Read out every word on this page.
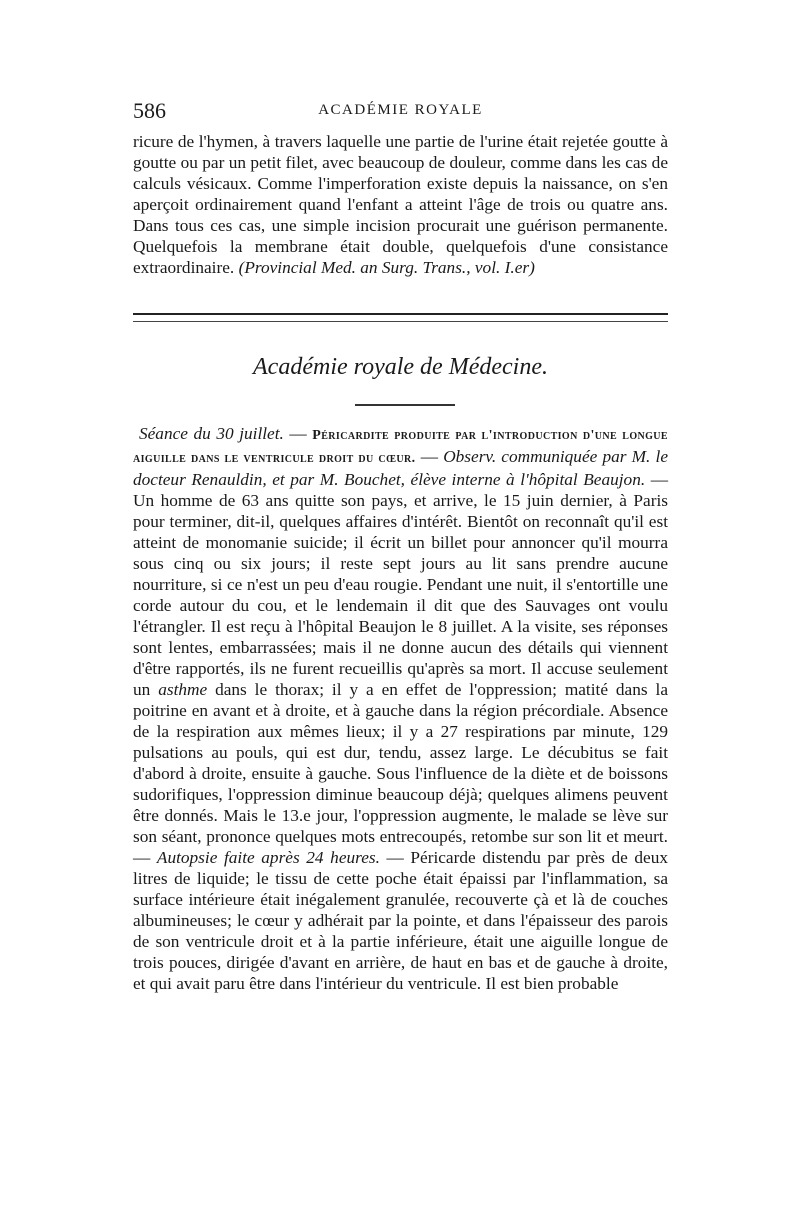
586	ACADÉMIE ROYALE

ricure de l'hymen, à travers laquelle une partie de l'urine était rejetée goutte à goutte ou par un petit filet, avec beaucoup de douleur, comme dans les cas de calculs vésicaux. Comme l'imperforation existe depuis la naissance, on s'en aperçoit ordinairement quand l'enfant a atteint l'âge de trois ou quatre ans. Dans tous ces cas, une simple incision procurait une guérison permanente. Quelquefois la membrane était double, quelquefois d'une consistance extraordinaire. (Provincial Med. an Surg. Trans., vol. I.er)

Académie royale de Médecine.

Séance du 30 juillet. — Péricardite produite par l'introduction d'une longue aiguille dans le ventricule droit du cœur. — Observ. communiquée par M. le docteur Renauldin, et par M. Bouchet, élève interne à l'hôpital Beaujon. — Un homme de 63 ans quitte son pays, et arrive, le 15 juin dernier, à Paris pour terminer, dit-il, quelques affaires d'intérêt. Bientôt on reconnaît qu'il est atteint de monomanie suicide; il écrit un billet pour annoncer qu'il mourra sous cinq ou six jours; il reste sept jours au lit sans prendre aucune nourriture, si ce n'est un peu d'eau rougie. Pendant une nuit, il s'entortille une corde autour du cou, et le lendemain il dit que des Sauvages ont voulu l'étrangler. Il est reçu à l'hôpital Beaujon le 8 juillet. A la visite, ses réponses sont lentes, embarrassées; mais il ne donne aucun des détails qui viennent d'être rapportés, ils ne furent recueillis qu'après sa mort. Il accuse seulement un asthme dans le thorax; il y a en effet de l'oppression; matité dans la poitrine en avant et à droite, et à gauche dans la région précordiale. Absence de la respiration aux mêmes lieux; il y a 27 respirations par minute, 129 pulsations au pouls, qui est dur, tendu, assez large. Le décubitus se fait d'abord à droite, ensuite à gauche. Sous l'influence de la diète et de boissons sudorifiques, l'oppression diminue beaucoup déjà; quelques alimens peuvent être donnés. Mais le 13.e jour, l'oppression augmente, le malade se lève sur son séant, prononce quelques mots entrecoupés, retombe sur son lit et meurt. — Autopsie faite après 24 heures. — Péricarde distendu par près de deux litres de liquide; le tissu de cette poche était épaissi par l'inflammation, sa surface intérieure était inégalement granulée, recouverte çà et là de couches albumineuses; le cœur y adhérait par la pointe, et dans l'épaisseur des parois de son ventricule droit et à la partie inférieure, était une aiguille longue de trois pouces, dirigée d'avant en arrière, de haut en bas et de gauche à droite, et qui avait paru être dans l'intérieur du ventricule. Il est bien probable
